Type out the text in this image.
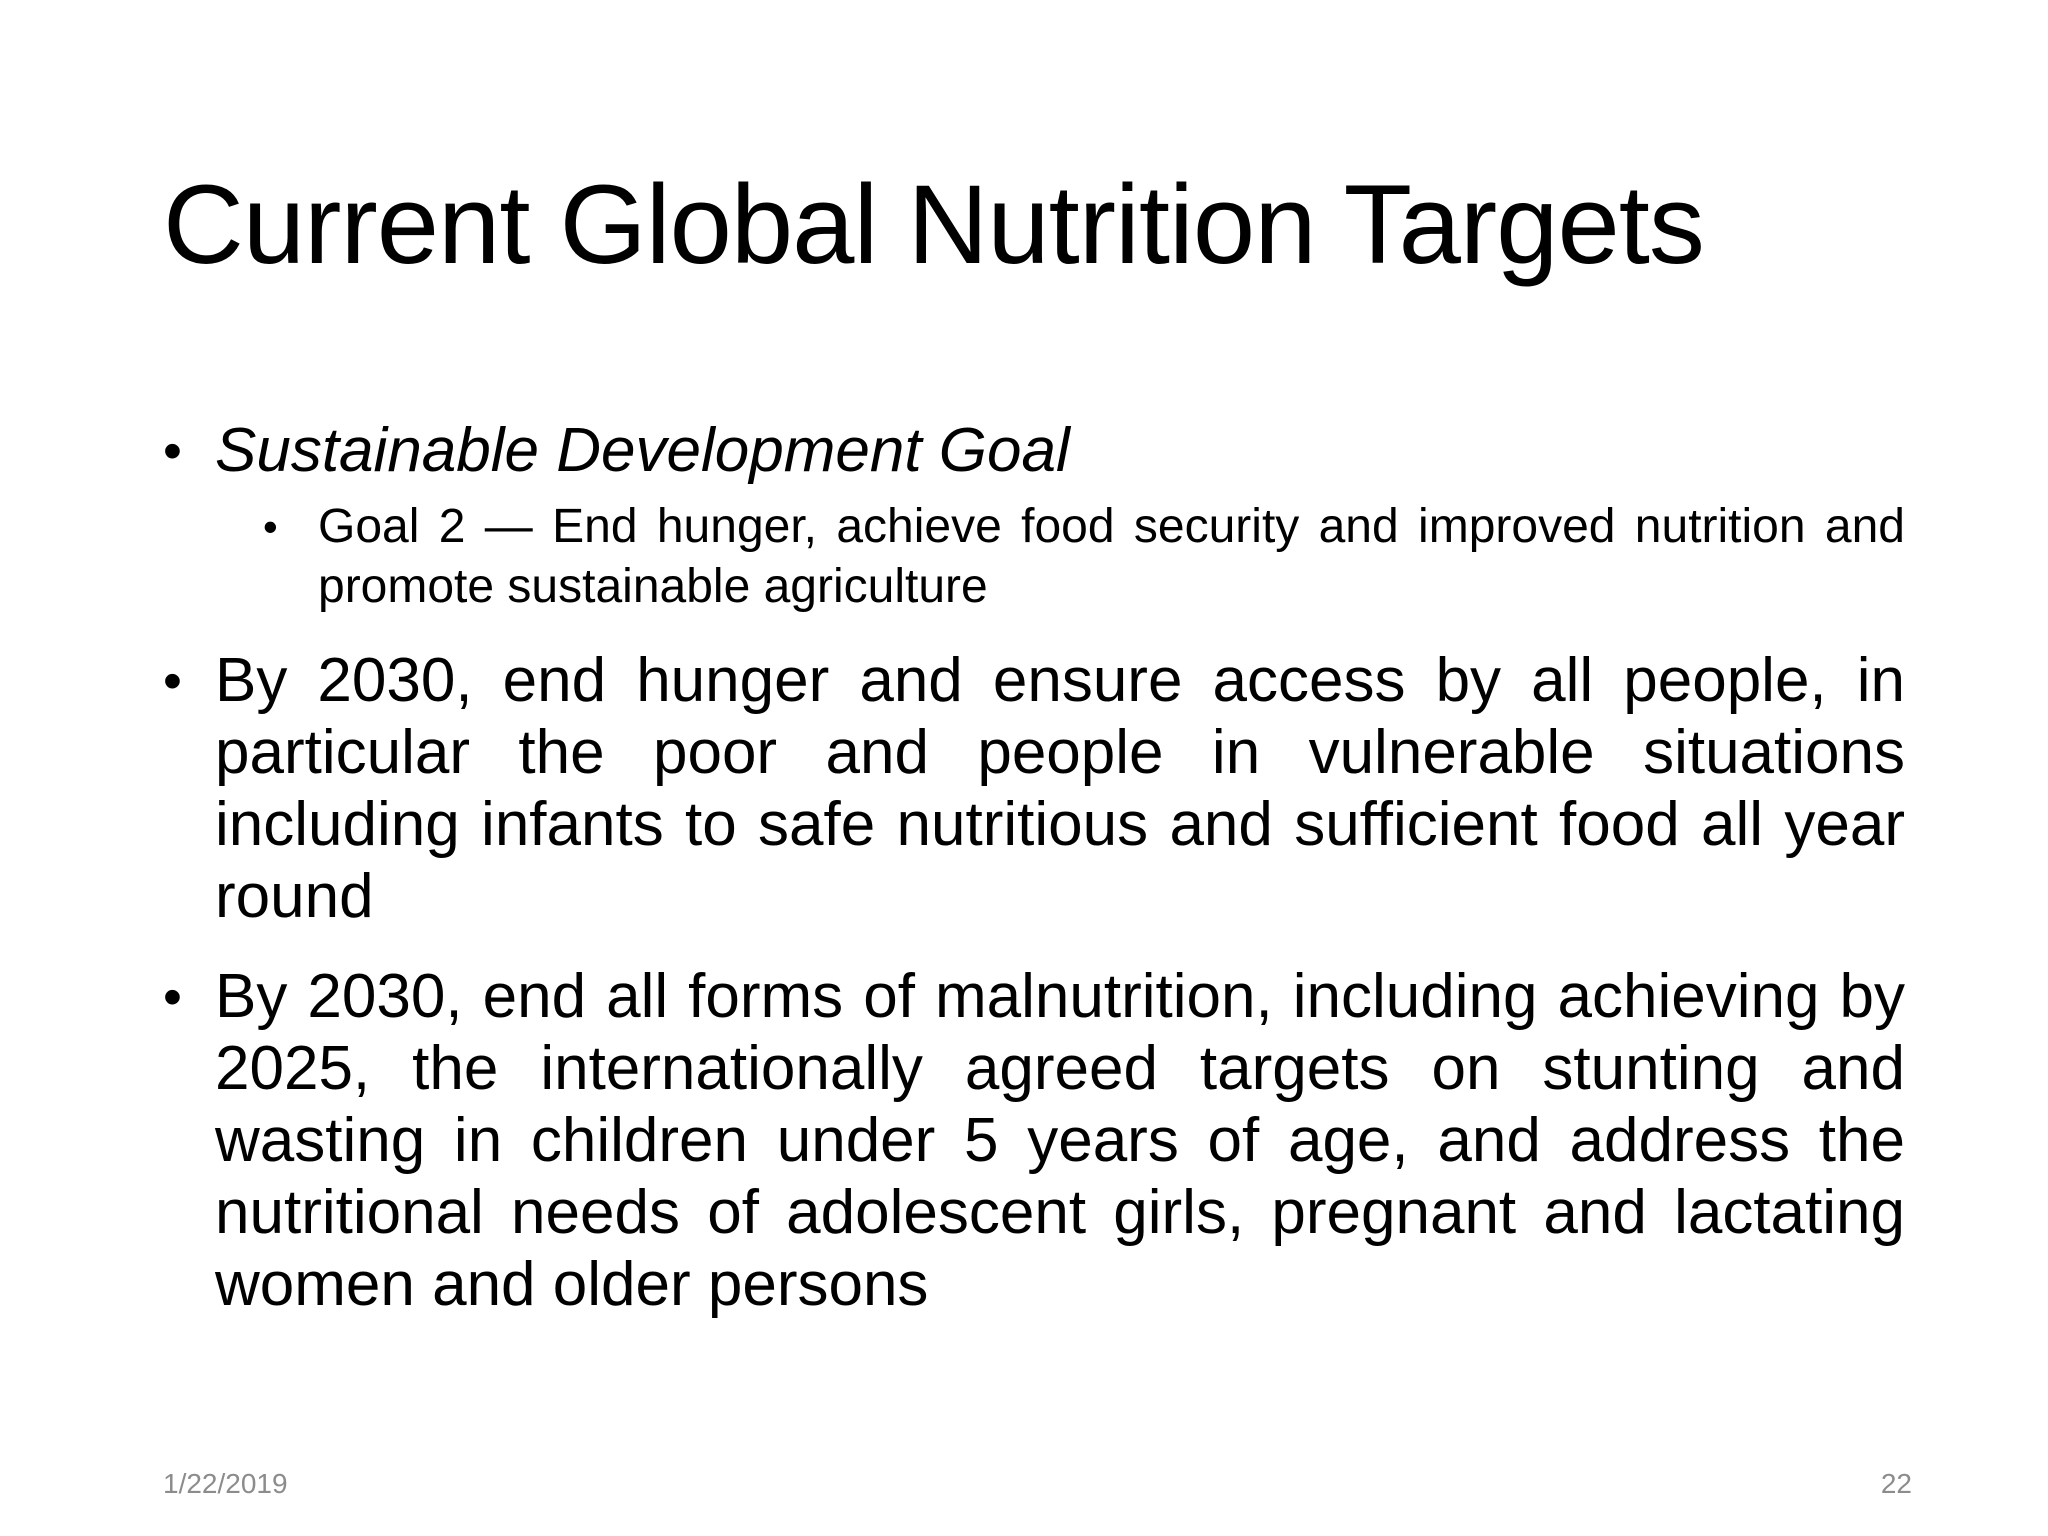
Current Global Nutrition Targets
• Sustainable Development Goal
• Goal 2 — End hunger, achieve food security and improved nutrition and promote sustainable agriculture
• By 2030, end hunger and ensure access by all people, in particular the poor and people in vulnerable situations including infants to safe nutritious and sufficient food all year round
• By 2030, end all forms of malnutrition, including achieving by 2025, the internationally agreed targets on stunting and wasting in children under 5 years of age, and address the nutritional needs of adolescent girls, pregnant and lactating women and older persons
1/22/2019	22
